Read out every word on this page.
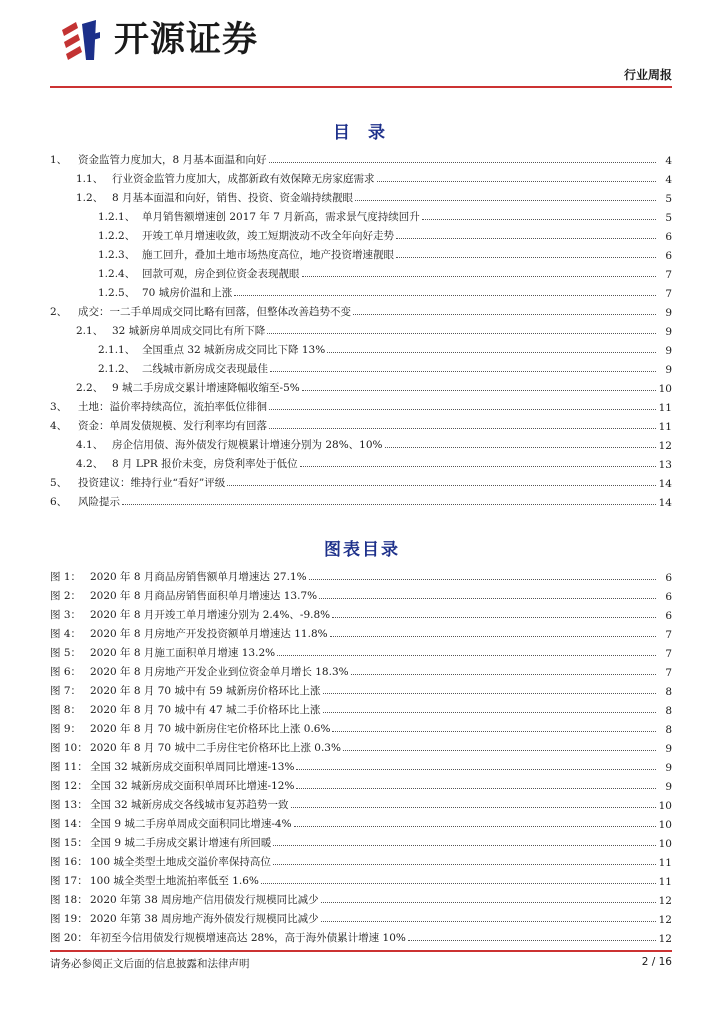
开源证券
行业周报
目 录
1、	资金监管力度加大，8 月基本面温和向好	4
1.1、 行业资金监管力度加大，成都新政有效保障无房家庭需求	4
1.2、 8 月基本面温和向好，销售、投资、资金端持续靓眼	5
1.2.1、 单月销售额增速创 2017 年 7 月新高，需求景气度持续回升	5
1.2.2、 开竣工单月增速收敛，竣工短期波动不改全年向好走势	6
1.2.3、 施工回升，叠加土地市场热度高位，地产投资增速靓眼	6
1.2.4、 回款可观，房企到位资金表现靓眼	7
1.2.5、 70 城房价温和上涨	7
2、	成交：一二手单周成交同比略有回落，但整体改善趋势不变	9
2.1、 32 城新房单周成交同比有所下降	9
2.1.1、 全国重点 32 城新房成交同比下降 13%	9
2.1.2、 二线城市新房成交表现最佳	9
2.2、 9 城二手房成交累计增速降幅收缩至-5%	10
3、	土地：溢价率持续高位，流拍率低位徘徊	11
4、	资金：单周发债规模、发行利率均有回落	11
4.1、 房企信用债、海外债发行规模累计增速分别为 28%、10%	12
4.2、 8 月 LPR 报价未变，房贷利率处于低位	13
5、	投资建议：维持行业“看好”评级	14
6、	风险提示	14
图表目录
图 1： 2020 年 8 月商品房销售额单月增速达 27.1%	6
图 2： 2020 年 8 月商品房销售面积单月增速达 13.7%	6
图 3： 2020 年 8 月开竣工单月增速分别为 2.4%、-9.8%	6
图 4： 2020 年 8 月房地产开发投资额单月增速达 11.8%	7
图 5： 2020 年 8 月施工面积单月增速 13.2%	7
图 6： 2020 年 8 月房地产开发企业到位资金单月增长 18.3%	7
图 7： 2020 年 8 月 70 城中有 59 城新房价格环比上涨	8
图 8： 2020 年 8 月 70 城中有 47 城二手价格环比上涨	8
图 9： 2020 年 8 月 70 城中新房住宅价格环比上涨 0.6%	8
图 10： 2020 年 8 月 70 城中二手房住宅价格环比上涨 0.3%	9
图 11： 全国 32 城新房成交面积单周同比增速-13%	9
图 12： 全国 32 城新房成交面积单周环比增速-12%	9
图 13： 全国 32 城新房成交各线城市复苏趋势一致	10
图 14： 全国 9 城二手房单周成交面积同比增速-4%	10
图 15： 全国 9 城二手房成交累计增速有所回暖	10
图 16： 100 城全类型土地成交溢价率保持高位	11
图 17： 100 城全类型土地流拍率低至 1.6%	11
图 18： 2020 年第 38 周房地产信用债发行规模同比减少	12
图 19： 2020 年第 38 周房地产海外债发行规模同比减少	12
图 20： 年初至今信用债发行规模增速高达 28%，高于海外债累计增速 10%	12
请务必参阅正文后面的信息披露和法律声明	2 / 16
